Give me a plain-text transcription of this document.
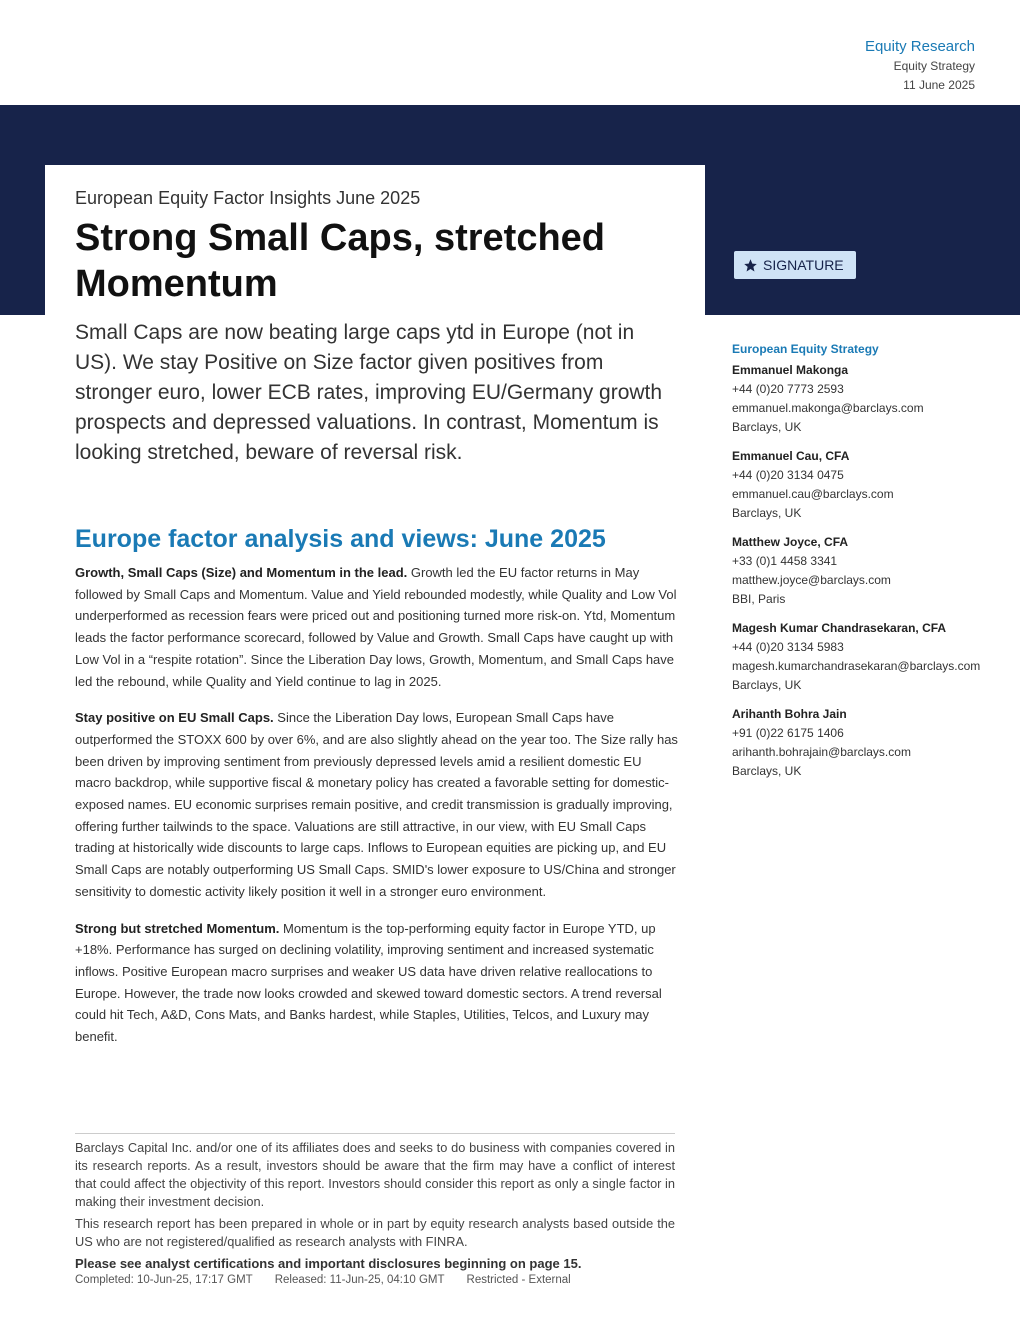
Equity Research
Equity Strategy
11 June 2025
European Equity Factor Insights June 2025
Strong Small Caps, stretched Momentum
Small Caps are now beating large caps ytd in Europe (not in US). We stay Positive on Size factor given positives from stronger euro, lower ECB rates, improving EU/Germany growth prospects and depressed valuations. In contrast, Momentum is looking stretched, beware of reversal risk.
SIGNATURE
Europe factor analysis and views: June 2025

Growth, Small Caps (Size) and Momentum in the lead. Growth led the EU factor returns in May followed by Small Caps and Momentum. Value and Yield rebounded modestly, while Quality and Low Vol underperformed as recession fears were priced out and positioning turned more risk-on. Ytd, Momentum leads the factor performance scorecard, followed by Value and Growth. Small Caps have caught up with Low Vol in a “respite rotation”. Since the Liberation Day lows, Growth, Momentum, and Small Caps have led the rebound, while Quality and Yield continue to lag in 2025.

Stay positive on EU Small Caps. Since the Liberation Day lows, European Small Caps have outperformed the STOXX 600 by over 6%, and are also slightly ahead on the year too. The Size rally has been driven by improving sentiment from previously depressed levels amid a resilient domestic EU macro backdrop, while supportive fiscal & monetary policy has created a favorable setting for domestic-exposed names. EU economic surprises remain positive, and credit transmission is gradually improving, offering further tailwinds to the space. Valuations are still attractive, in our view, with EU Small Caps trading at historically wide discounts to large caps. Inflows to European equities are picking up, and EU Small Caps are notably outperforming US Small Caps. SMID's lower exposure to US/China and stronger sensitivity to domestic activity likely position it well in a stronger euro environment.

Strong but stretched Momentum. Momentum is the top-performing equity factor in Europe YTD, up +18%. Performance has surged on declining volatility, improving sentiment and increased systematic inflows. Positive European macro surprises and weaker US data have driven relative reallocations to Europe. However, the trade now looks crowded and skewed toward domestic sectors. A trend reversal could hit Tech, A&D, Cons Mats, and Banks hardest, while Staples, Utilities, Telcos, and Luxury may benefit.

European Equity Strategy
Emmanuel Makonga
+44 (0)20 7773 2593
emmanuel.makonga@barclays.com
Barclays, UK
Emmanuel Cau, CFA
+44 (0)20 3134 0475
emmanuel.cau@barclays.com
Barclays, UK
Matthew Joyce, CFA
+33 (0)1 4458 3341
matthew.joyce@barclays.com
BBI, Paris
Magesh Kumar Chandrasekaran, CFA
+44 (0)20 3134 5983
magesh.kumarchandrasekaran@barclays.com
Barclays, UK
Arihanth Bohra Jain
+91 (0)22 6175 1406
arihanth.bohrajain@barclays.com
Barclays, UK

Barclays Capital Inc. and/or one of its affiliates does and seeks to do business with companies covered in its research reports. As a result, investors should be aware that the firm may have a conflict of interest that could affect the objectivity of this report. Investors should consider this report as only a single factor in making their investment decision.

This research report has been prepared in whole or in part by equity research analysts based outside the US who are not registered/qualified as research analysts with FINRA.

Please see analyst certifications and important disclosures beginning on page 15.

Completed: 10-Jun-25, 17:17 GMT Released: 11-Jun-25, 04:10 GMT Restricted - External
